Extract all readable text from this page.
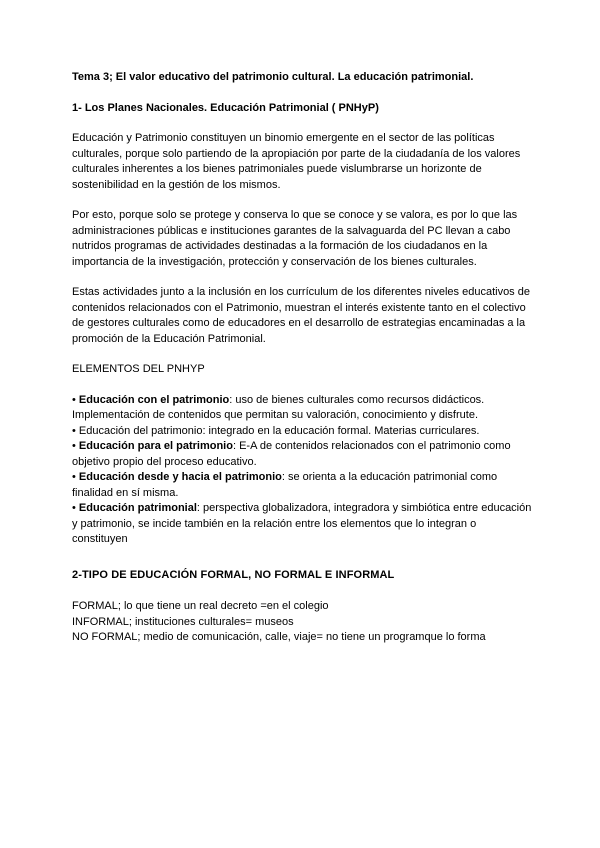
Tema 3; El valor educativo del patrimonio cultural. La educación patrimonial.
1- Los Planes Nacionales. Educación Patrimonial ( PNHyP)

Educación y Patrimonio constituyen un binomio emergente en el sector de las políticas culturales, porque solo partiendo de la apropiación por parte de la ciudadanía de los valores culturales inherentes a los bienes patrimoniales puede vislumbrarse un horizonte de sostenibilidad en la gestión de los mismos.

Por esto, porque solo se protege y conserva lo que se conoce y se valora, es por lo que las administraciones públicas e instituciones garantes de la salvaguarda del PC llevan a cabo nutridos programas de actividades destinadas a la formación de los ciudadanos en la importancia de la investigación, protección y conservación de los bienes culturales.

Estas actividades junto a la inclusión en los currículum de los diferentes niveles educativos de contenidos relacionados con el Patrimonio, muestran el interés existente tanto en el colectivo de gestores culturales como de educadores en el desarrollo de estrategias encaminadas a la promoción de la Educación Patrimonial.

ELEMENTOS DEL PNHYP
• Educación con el patrimonio: uso de bienes culturales como recursos didácticos. Implementación de contenidos que permitan su valoración, conocimiento y disfrute.
• Educación del patrimonio: integrado en la educación formal. Materias curriculares.
• Educación para el patrimonio: E-A de contenidos relacionados con el patrimonio como objetivo propio del proceso educativo.
• Educación desde y hacia el patrimonio: se orienta a la educación patrimonial como finalidad en sí misma.
• Educación patrimonial: perspectiva globalizadora, integradora y simbiótica entre educación y patrimonio, se incide también en la relación entre los elementos que lo integran o constituyen
2-TIPO DE EDUCACIÓN FORMAL, NO FORMAL E INFORMAL
FORMAL; lo que tiene un real decreto =en el colegio
INFORMAL; instituciones culturales= museos
NO FORMAL; medio de comunicación, calle, viaje= no tiene un programque lo forma
